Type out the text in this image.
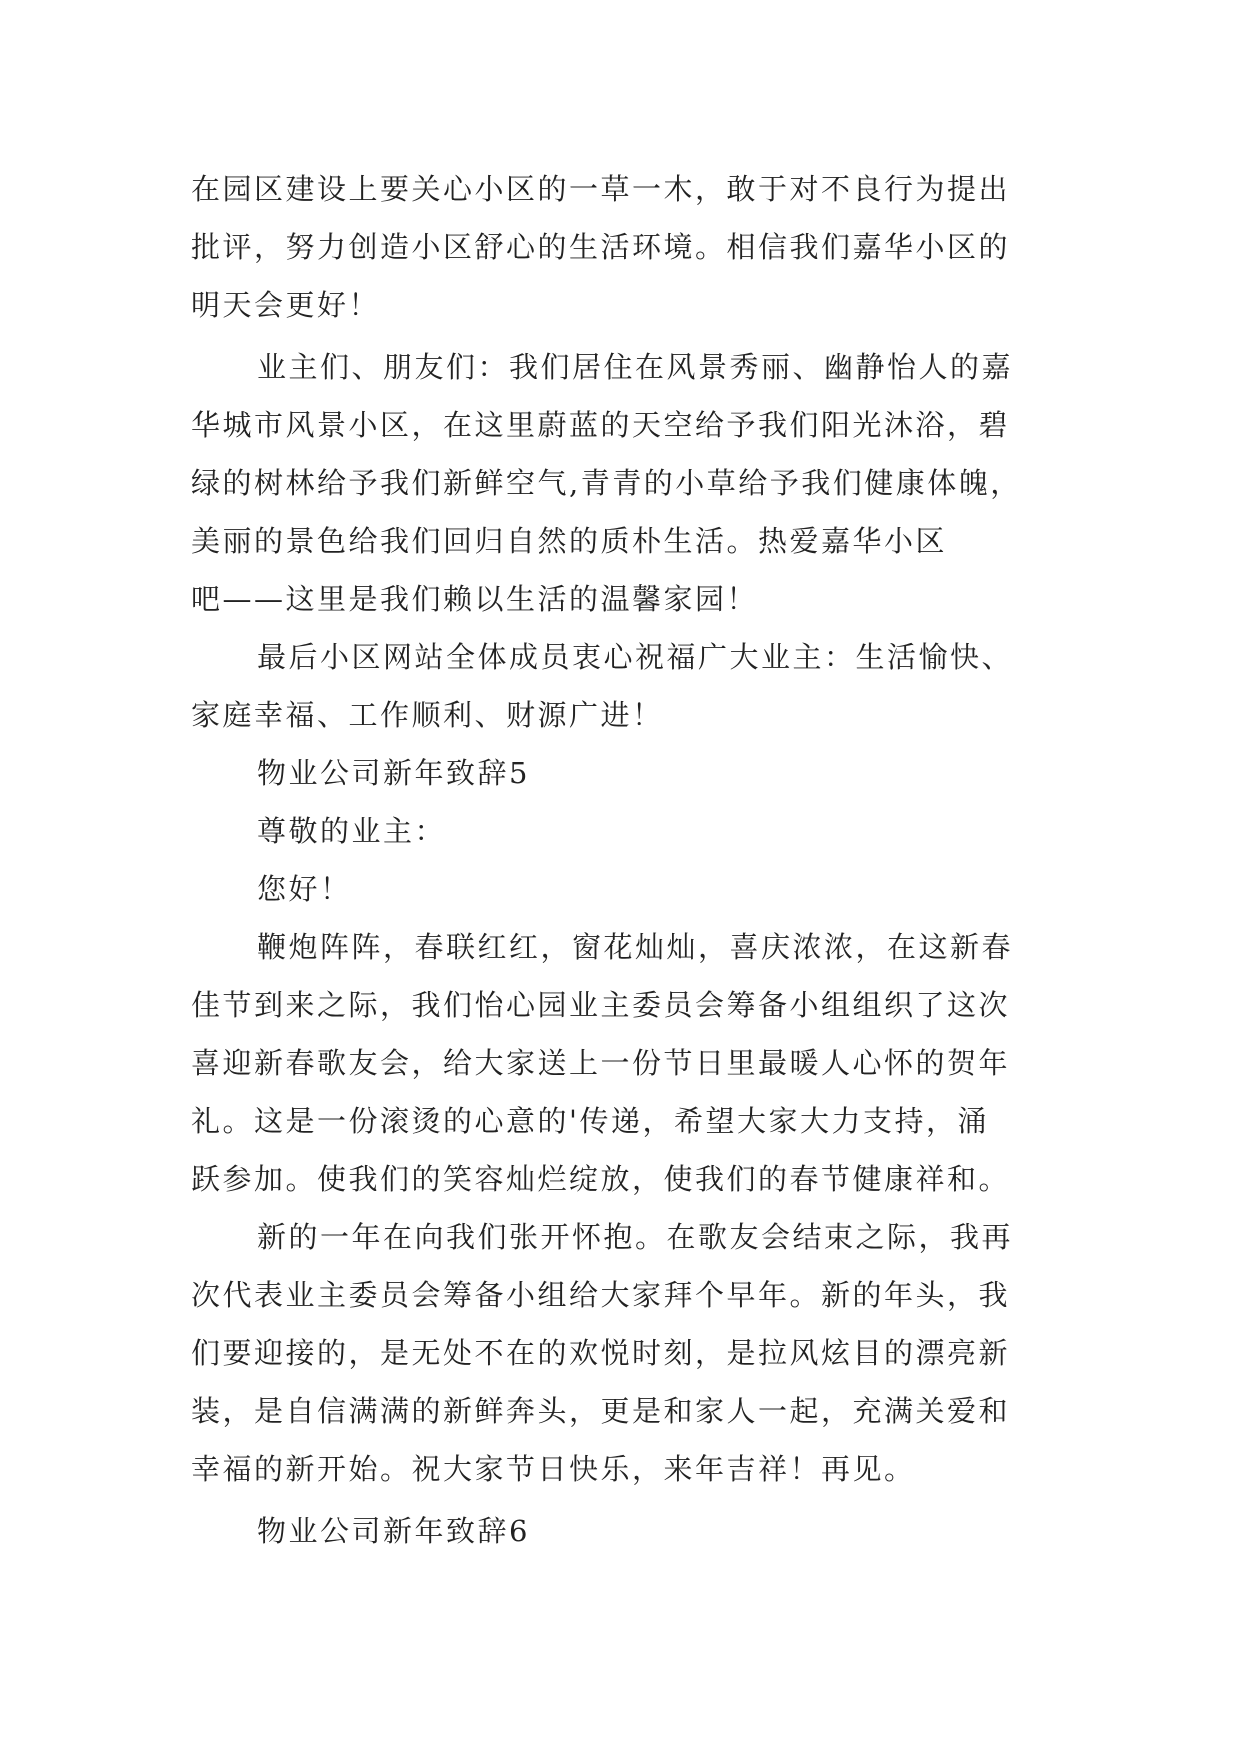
在园区建设上要关心小区的一草一木，敢于对不良行为提出
批评，努力创造小区舒心的生活环境。相信我们嘉华小区的
明天会更好！
业主们、朋友们：我们居住在风景秀丽、幽静怡人的嘉
华城市风景小区，在这里蔚蓝的天空给予我们阳光沐浴，碧
绿的树林给予我们新鲜空气,青青的小草给予我们健康体魄，
美丽的景色给我们回归自然的质朴生活。热爱嘉华小区
吧——这里是我们赖以生活的温馨家园！
最后小区网站全体成员衷心祝福广大业主：生活愉快、
家庭幸福、工作顺利、财源广进！
物业公司新年致辞5
尊敬的业主：
您好！
鞭炮阵阵，春联红红，窗花灿灿，喜庆浓浓，在这新春
佳节到来之际，我们怡心园业主委员会筹备小组组织了这次
喜迎新春歌友会，给大家送上一份节日里最暖人心怀的贺年
礼。这是一份滚烫的心意的'传递，希望大家大力支持，涌
跃参加。使我们的笑容灿烂绽放，使我们的春节健康祥和。
新的一年在向我们张开怀抱。在歌友会结束之际，我再
次代表业主委员会筹备小组给大家拜个早年。新的年头，我
们要迎接的，是无处不在的欢悦时刻，是拉风炫目的漂亮新
装，是自信满满的新鲜奔头，更是和家人一起，充满关爱和
幸福的新开始。祝大家节日快乐，来年吉祥！再见。
物业公司新年致辞6
